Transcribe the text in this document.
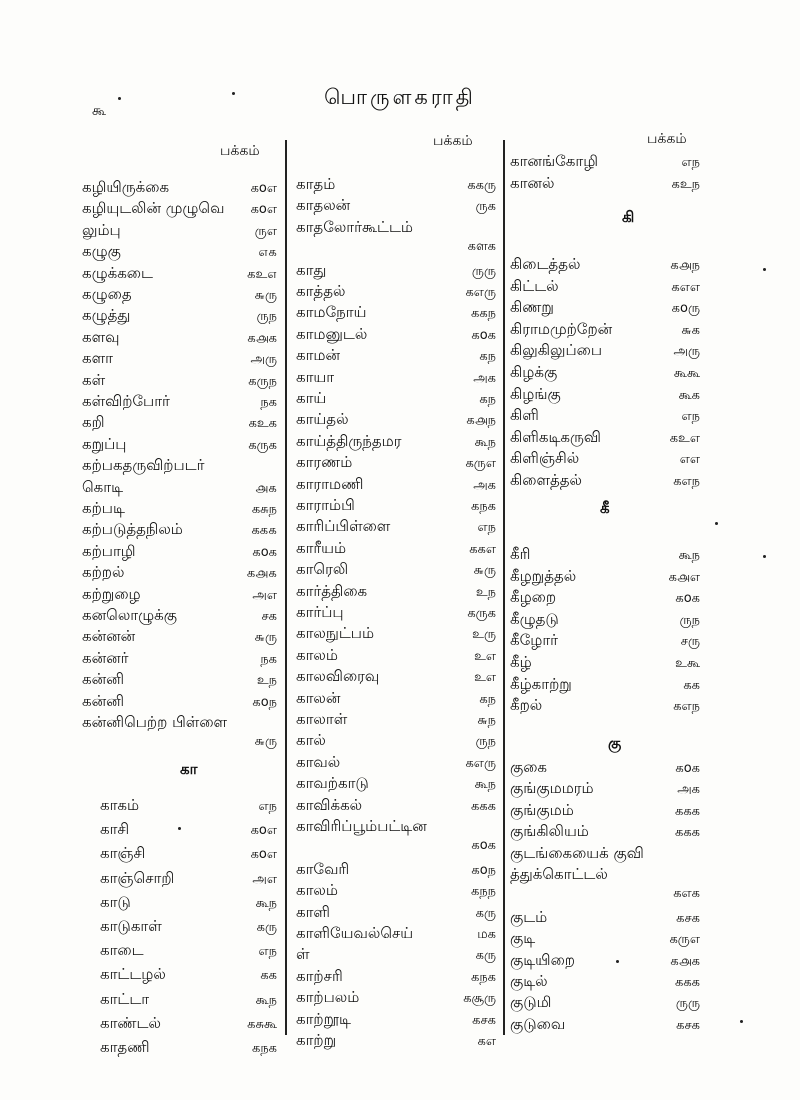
கூ
பொருளகராதி
பக்கம்
கழியிருக்கை	கoஎ
கழியுடலின் முழுவெ கoஎ
லும்பு	ருஎ
கழுகு	௭௧
கழுக்கடை	கஉ௭
கழுதை	௬ரு
கழுத்து	ருந
களவு	க௮க
களா	அரு
கள்	கருந
கள்விற்போர்	நக
கறி	கஉக
கறுப்பு	கருக
கற்பகதருவிற்படர்
கொடி	௮௧
கற்படி	கசுந
கற்படுத்தநிலம்	கக௧
கற்பாழி	கoக
கற்றல்	க௮௧
கற்றுழை	அஎ
கனலொழுக்கு	சக
கன்னன்	௬ரு
கன்னர்	நக
கன்னி	உந
கன்னி	கoந
கன்னிபெற்ற பிள்ளை
௬ரு
கா
காகம்	எந
காசி	கoஎ
காஞ்சி	கoஎ
காஞ்சொறி	அஎ
காடு	கூந
காடுகாள்	கரு
காடை	எந
காட்டழல்	கக
காட்டா	கூந
காண்டல்	கசுகூ
காதணி	கநக
பக்கம்
காதம்	ககரு
காதலன்	ருக
காதலோர்கூட்டம்
களக
காது	ருரு
காத்தல்	கஎரு
காமநோய்	ககந
காமனுடல்	கoக
காமன்	கந
காயா	அக
காய்	கந
காய்தல்	க௮ந
காய்த்திருந்தமர	கூந
காரணம்	கருஎ
காராமணி	அக
காராம்பி	கநக
காரிப்பிள்ளை	எந
காரீயம்	ககஎ
காரெலி	௬ரு
கார்த்திகை	உந
கார்ப்பு	கருக
காலநுட்பம்	உரு
காலம்	உஎ
காலவிரைவு	உஎ
காலன்	கந
காலாள்	௬ந
கால்	ருந
காவல்	கஎரு
காவற்காடு	கூந
காவிக்கல்	ககக
காவிரிப்பூம்பட்டின
கoக
காவேரி	கoந
காலம்	கநந
காளி	கரு
காளியேவல்செய்	மக
ள்	கரு
காற்சரி	கநக
காற்பலம்	கசூரு
காற்றூடி	கசக
காற்று	கஎ
பக்கம்
கானங்கோழி	எந
கானல்	கஉந
கி
கிடைத்தல்	க௮ந
கிட்டல்	கஎஎ
கிணறு	கoரு
கிராமமுற்றேன்	௬க
கிலுகிலுப்பை	அரு
கிழக்கு	கூகூ
கிழங்கு	கூக
கிளி	எந
கிளிகடிகருவி	கஉஎ
கிளிஞ்சில்	எஎ
கிளைத்தல்	கஎந
கீ
கீரி	கூந
கீழறுத்தல்	க௮எ
கீழறை	கoக
கீழுதடு	ருந
கீழோர்	சரு
கீழ்	உகூ
கீழ்காற்று	கக
கீறல்	கஎந
கு
குகை	கoக
குங்குமமரம்	அக
குங்குமம்	ககக
குங்கிலியம்	ககக
குடங்கையைக் குவி
த்துக்கொட்டல்
கஎக
குடம்	கசக
குடி	கருஎ
குடியிறை	க௮க
குடில்	ககக
குடுமி	ருரு
குடுவை	கசக
